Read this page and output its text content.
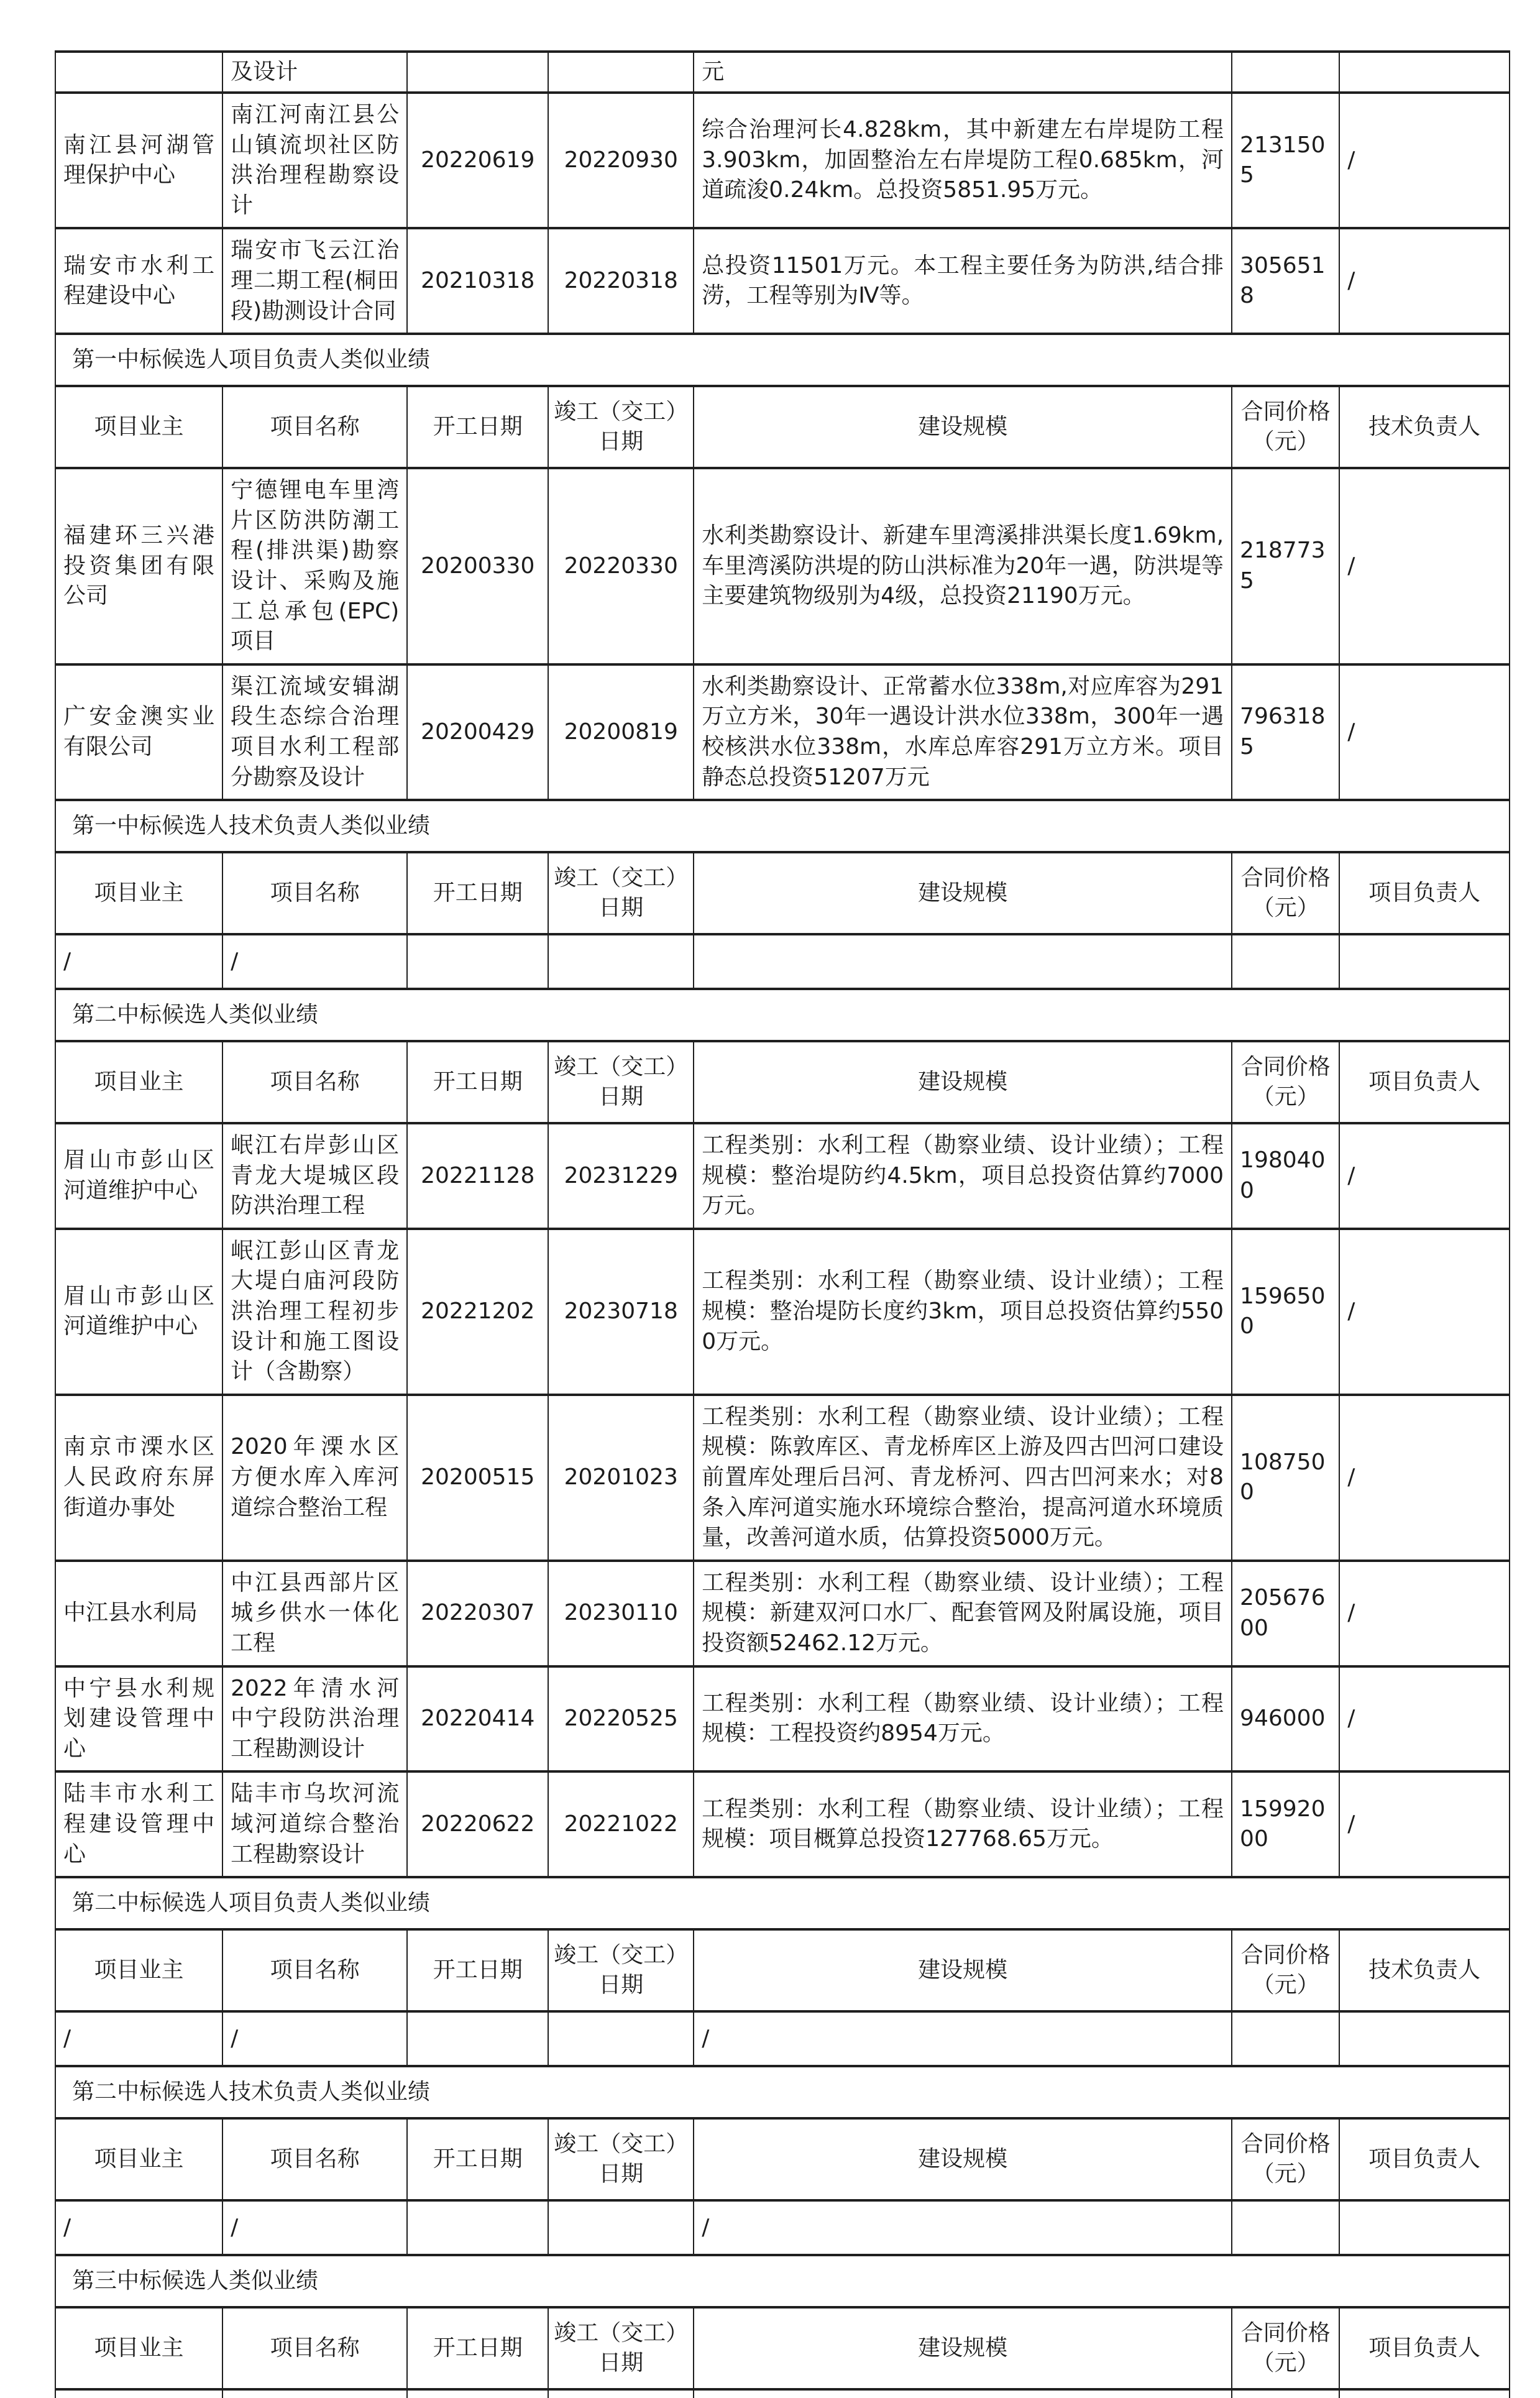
	及设计			元		
南江县河湖管理保护中心	南江河南江县公山镇流坝社区防洪治理程勘察设计	20220619	20220930	综合治理河长4.828km，其中新建左右岸堤防工程3.903km，加固整治左右岸堤防工程0.685km，河道疏浚0.24km。总投资5851.95万元。	2131505	/
瑞安市水利工程建设中心	瑞安市飞云江治理二期工程(桐田段)勘测设计合同	20210318	20220318	总投资11501万元。本工程主要任务为防洪,结合排涝，工程等别为Ⅳ等。	3056518	/
第一中标候选人项目负责人类似业绩						
项目业主	项目名称	开工日期	竣工（交工）日期	建设规模	合同价格（元）	技术负责人
福建环三兴港投资集团有限公司	宁德锂电车里湾片区防洪防潮工程(排洪渠)勘察设计、采购及施工总承包(EPC)项目	20200330	20220330	水利类勘察设计、新建车里湾溪排洪渠长度1.69km,车里湾溪防洪堤的防山洪标准为20年一遇，防洪堤等主要建筑物级别为4级，总投资21190万元。	2187735	/
广安金澳实业有限公司	渠江流域安辑湖段生态综合治理项目水利工程部分勘察及设计	20200429	20200819	水利类勘察设计、正常蓄水位338m,对应库容为291万立方米，30年一遇设计洪水位338m，300年一遇校核洪水位338m，水库总库容291万立方米。项目静态总投资51207万元	7963185	/
第一中标候选人技术负责人类似业绩						
项目业主	项目名称	开工日期	竣工（交工）日期	建设规模	合同价格（元）	项目负责人
/	/					
第二中标候选人类似业绩						
项目业主	项目名称	开工日期	竣工（交工）日期	建设规模	合同价格（元）	项目负责人
眉山市彭山区河道维护中心	岷江右岸彭山区青龙大堤城区段防洪治理工程	20221128	20231229	工程类别：水利工程（勘察业绩、设计业绩）；工程规模：整治堤防约4.5km，项目总投资估算约7000万元。	1980400	/
眉山市彭山区河道维护中心	岷江彭山区青龙大堤白庙河段防洪治理工程初步设计和施工图设计（含勘察）	20221202	20230718	工程类别：水利工程（勘察业绩、设计业绩）；工程规模：整治堤防长度约3km，项目总投资估算约5500万元。	1596500	/
南京市溧水区人民政府东屏街道办事处	2020年溧水区方便水库入库河道综合整治工程	20200515	20201023	工程类别：水利工程（勘察业绩、设计业绩）；工程规模：陈敦库区、青龙桥库区上游及四古凹河口建设前置库处理后吕河、青龙桥河、四古凹河来水；对8条入库河道实施水环境综合整治，提高河道水环境质量，改善河道水质，估算投资5000万元。	1087500	/
中江县水利局	中江县西部片区城乡供水一体化工程	20220307	20230110	工程类别：水利工程（勘察业绩、设计业绩）；工程规模：新建双河口水厂、配套管网及附属设施，项目投资额52462.12万元。	20567600	/
中宁县水利规划建设管理中心	2022年清水河中宁段防洪治理工程勘测设计	20220414	20220525	工程类别：水利工程（勘察业绩、设计业绩）；工程规模：工程投资约8954万元。	946000	/
陆丰市水利工程建设管理中心	陆丰市乌坎河流域河道综合整治工程勘察设计	20220622	20221022	工程类别：水利工程（勘察业绩、设计业绩）；工程规模：项目概算总投资127768.65万元。	15992000	/
第二中标候选人项目负责人类似业绩						
项目业主	项目名称	开工日期	竣工（交工）日期	建设规模	合同价格（元）	技术负责人
/	/			/		
第二中标候选人技术负责人类似业绩						
项目业主	项目名称	开工日期	竣工（交工）日期	建设规模	合同价格（元）	项目负责人
/	/			/		
第三中标候选人类似业绩						
项目业主	项目名称	开工日期	竣工（交工）日期	建设规模	合同价格（元）	项目负责人
